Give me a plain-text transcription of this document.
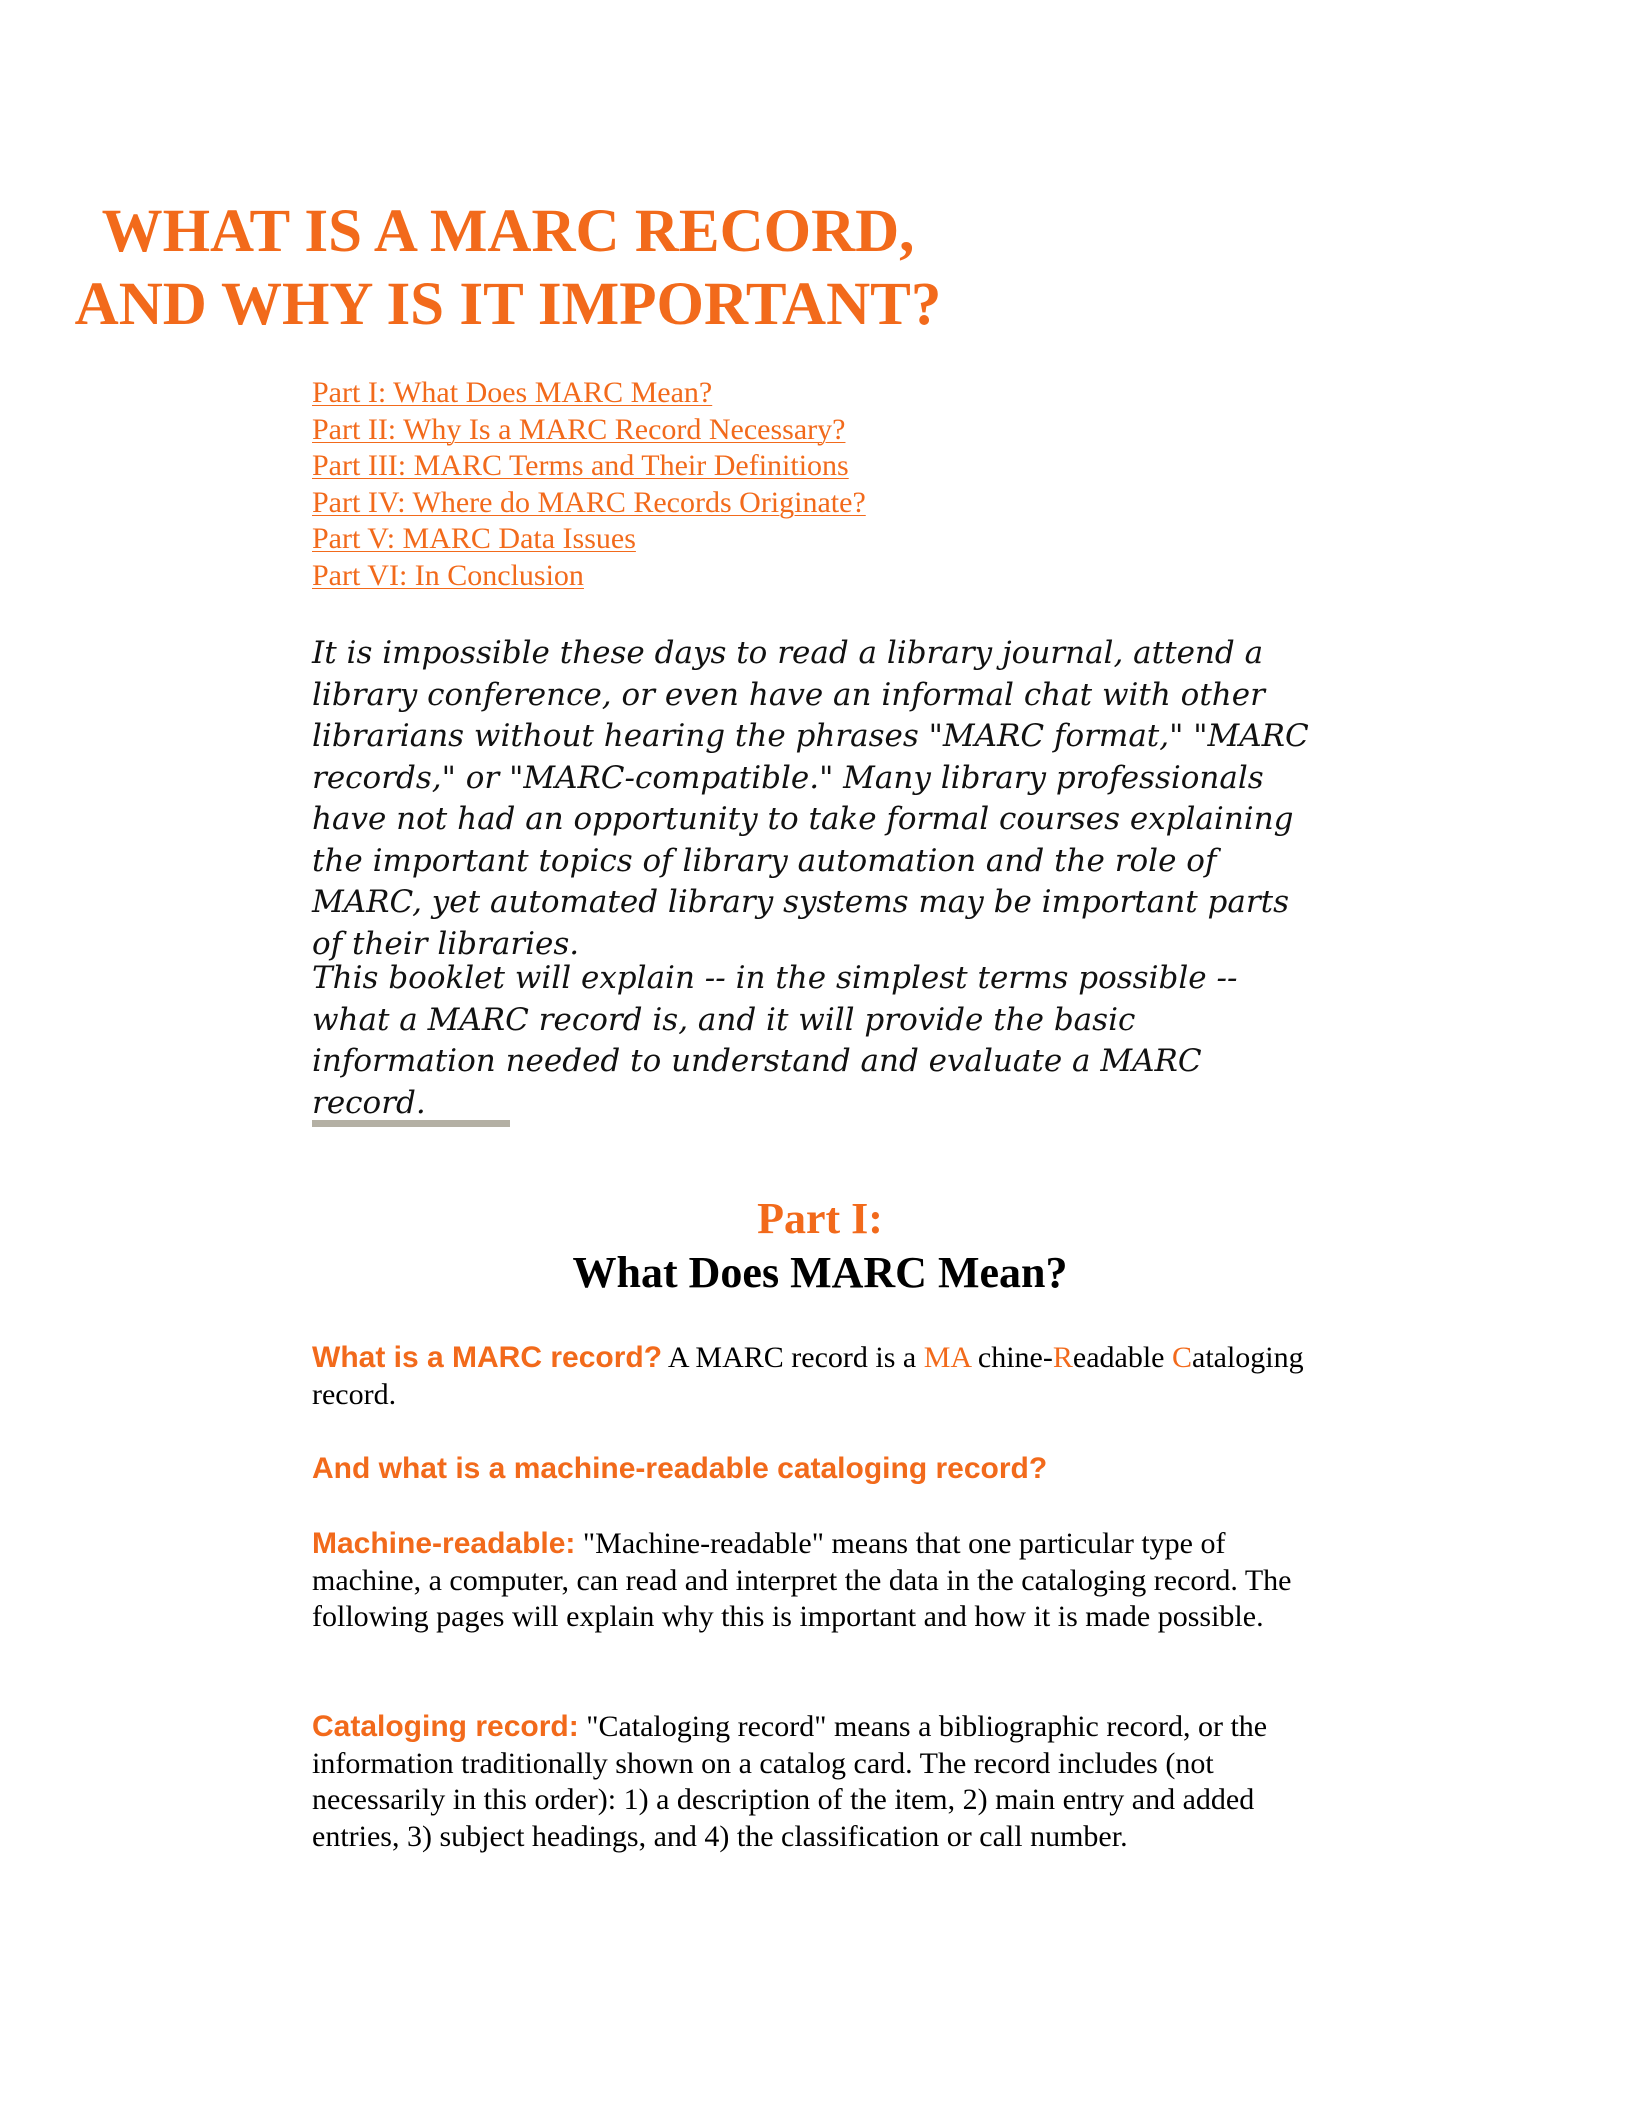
WHAT IS A MARC RECORD,
AND WHY IS IT IMPORTANT?
Part I: What Does MARC Mean?
Part II: Why Is a MARC Record Necessary?
Part III: MARC Terms and Their Definitions
Part IV: Where do MARC Records Originate?
Part V: MARC Data Issues
Part VI: In Conclusion

It is impossible these days to read a library journal, attend a library conference, or even have an informal chat with other librarians without hearing the phrases "MARC format," "MARC records," or "MARC-compatible." Many library professionals have not had an opportunity to take formal courses explaining the important topics of library automation and the role of MARC, yet automated library systems may be important parts of their libraries.

This booklet will explain -- in the simplest terms possible -- what a MARC record is, and it will provide the basic information needed to understand and evaluate a MARC record.

Part I:
What Does MARC Mean?

What is a MARC record? A MARC record is a MA chine-Readable Cataloging record.

And what is a machine-readable cataloging record?

Machine-readable: "Machine-readable" means that one particular type of machine, a computer, can read and interpret the data in the cataloging record. The following pages will explain why this is important and how it is made possible.

Cataloging record: "Cataloging record" means a bibliographic record, or the information traditionally shown on a catalog card. The record includes (not necessarily in this order): 1) a description of the item, 2) main entry and added entries, 3) subject headings, and 4) the classification or call number.
